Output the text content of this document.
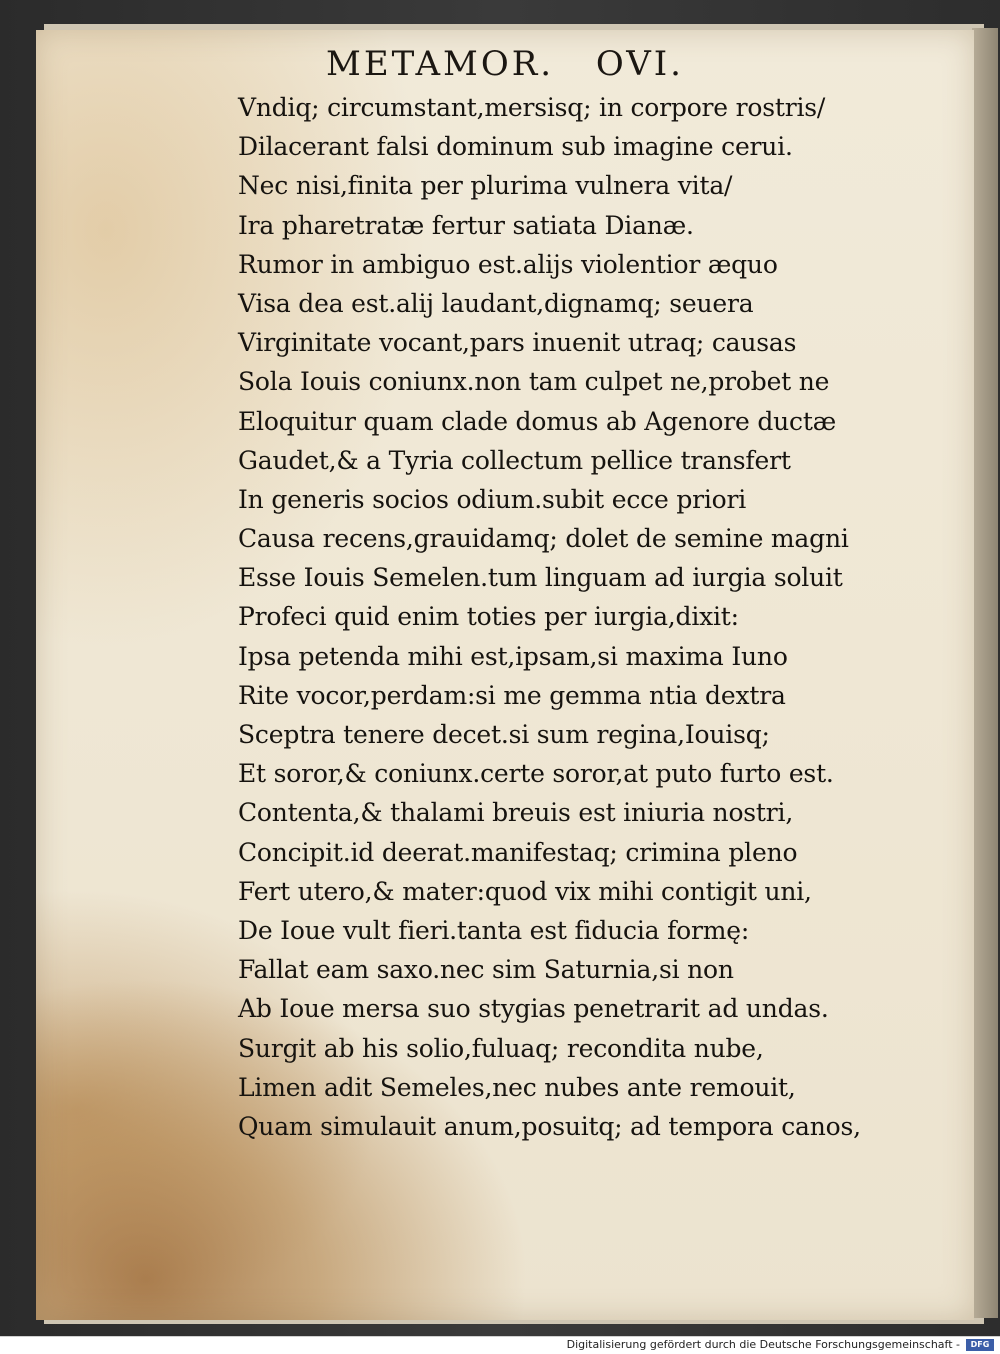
METAMOR. OVI.
Vndiq; circumstant,mersisq; in corpore rostris/
Dilacerant falsi dominum sub imagine cerui.
Nec nisi,finita per plurima vulnera vita/
Ira pharetratæ fertur satiata Dianæ.
Rumor in ambiguo est.alijs violentior æquo
Visa dea est.alij laudant,dignamq; seuera
Virginitate vocant,pars inuenit utraq; causas
Sola Iouis coniunx.non tam culpet ne,probet ne
Eloquitur quam clade domus ab Agenore ductæ
Gaudet,& a Tyria collectum pellice transfert
In generis socios odium.subit ecce priori
Causa recens,grauidamq; dolet de semine magni
Esse Iouis Semelen.tum linguam ad iurgia soluit
Profeci quid enim toties per iurgia,dixit:
Ipsa petenda mihi est,ipsam,si maxima Iuno
Rite vocor,perdam:si me gemma ntia dextra
Sceptra tenere decet.si sum regina,Iouisq;
Et soror,& coniunx.certe soror,at puto furto est.
Contenta,& thalami breuis est iniuria nostri,
Concipit.id deerat.manifestaq; crimina pleno
Fert utero,& mater:quod vix mihi contigit uni,
De Ioue vult fieri.tanta est fiducia formę:
Fallat eam saxo.nec sim Saturnia,si non
Ab Ioue mersa suo stygias penetrarit ad undas.
Surgit ab his solio,fuluaq; recondita nube,
Limen adit Semeles,nec nubes ante remouit,
Quam simulauit anum,posuitq; ad tempora canos,
Digitalisierung gefördert durch die Deutsche Forschungsgemeinschaft -	DFG
